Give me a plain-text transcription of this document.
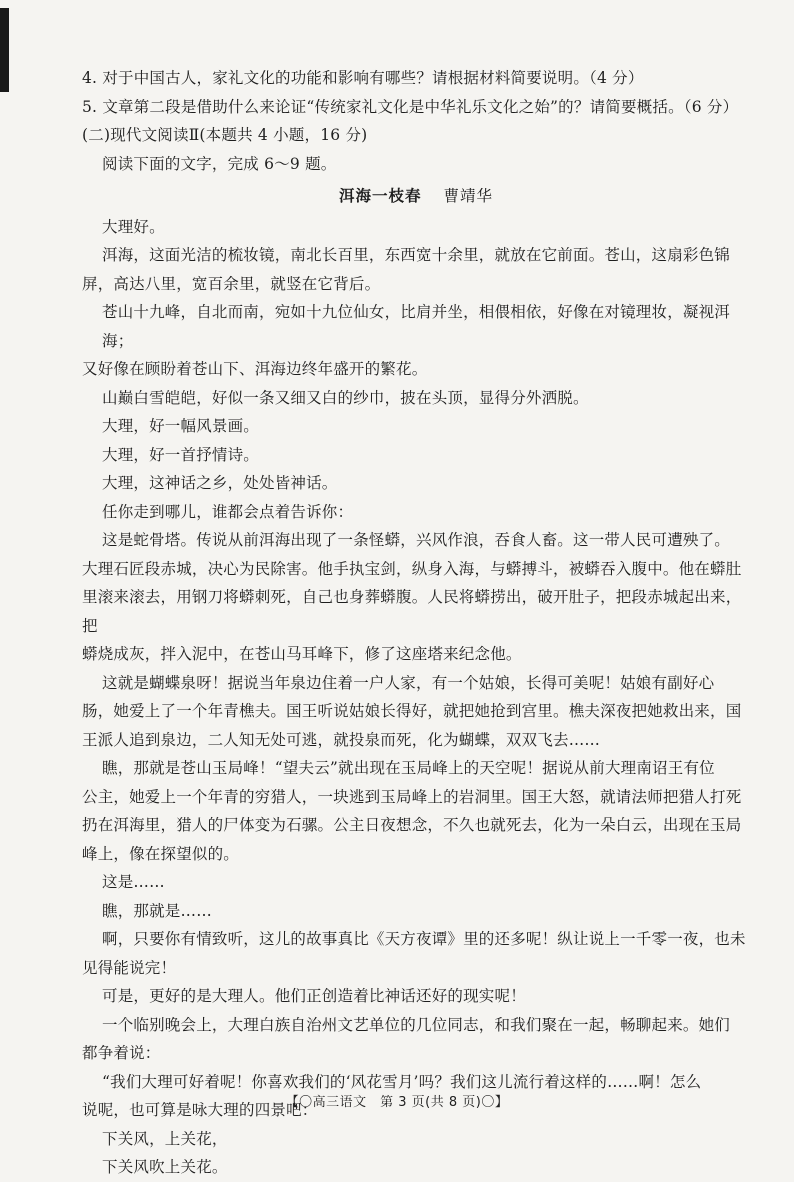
4. 对于中国古人，家礼文化的功能和影响有哪些？请根据材料简要说明。（4 分）

5. 文章第二段是借助什么来论证“传统家礼文化是中华礼乐文化之始”的？请简要概括。（6 分）

(二)现代文阅读Ⅱ(本题共 4 小题，16 分)

阅读下面的文字，完成 6～9 题。

洱海一枝春 曹靖华

大理好。

洱海，这面光洁的梳妆镜，南北长百里，东西宽十余里，就放在它前面。苍山，这扇彩色锦

屏，高达八里，宽百余里，就竖在它背后。

苍山十九峰，自北而南，宛如十九位仙女，比肩并坐，相偎相依，好像在对镜理妆，凝视洱海；

又好像在顾盼着苍山下、洱海边终年盛开的繁花。

山巅白雪皑皑，好似一条又细又白的纱巾，披在头顶，显得分外洒脱。

大理，好一幅风景画。

大理，好一首抒情诗。

大理，这神话之乡，处处皆神话。

任你走到哪儿，谁都会点着告诉你：

这是蛇骨塔。传说从前洱海出现了一条怪蟒，兴风作浪，吞食人畜。这一带人民可遭殃了。

大理石匠段赤城，决心为民除害。他手执宝剑，纵身入海，与蟒搏斗，被蟒吞入腹中。他在蟒肚

里滚来滚去，用钢刀将蟒刺死，自己也身葬蟒腹。人民将蟒捞出，破开肚子，把段赤城起出来，把

蟒烧成灰，拌入泥中，在苍山马耳峰下，修了这座塔来纪念他。

这就是蝴蝶泉呀！据说当年泉边住着一户人家，有一个姑娘，长得可美呢！姑娘有副好心

肠，她爱上了一个年青樵夫。国王听说姑娘长得好，就把她抢到宫里。樵夫深夜把她救出来，国

王派人追到泉边，二人知无处可逃，就投泉而死，化为蝴蝶，双双飞去……

瞧，那就是苍山玉局峰！“望夫云”就出现在玉局峰上的天空呢！据说从前大理南诏王有位

公主，她爱上一个年青的穷猎人，一块逃到玉局峰上的岩洞里。国王大怒，就请法师把猎人打死

扔在洱海里，猎人的尸体变为石骡。公主日夜想念，不久也就死去，化为一朵白云，出现在玉局

峰上，像在探望似的。

这是……

瞧，那就是……

啊，只要你有情致听，这儿的故事真比《天方夜谭》里的还多呢！纵让说上一千零一夜，也未

见得能说完！

可是，更好的是大理人。他们正创造着比神话还好的现实呢！

一个临别晚会上，大理白族自治州文艺单位的几位同志，和我们聚在一起，畅聊起来。她们

都争着说：

“我们大理可好着呢！你喜欢我们的‘风花雪月’吗？我们这儿流行着这样的……啊！怎么

说呢，也可算是咏大理的四景吧：

下关风，上关花，

下关风吹上关花。

【〇高三语文　第 3 页(共 8 页)〇】
